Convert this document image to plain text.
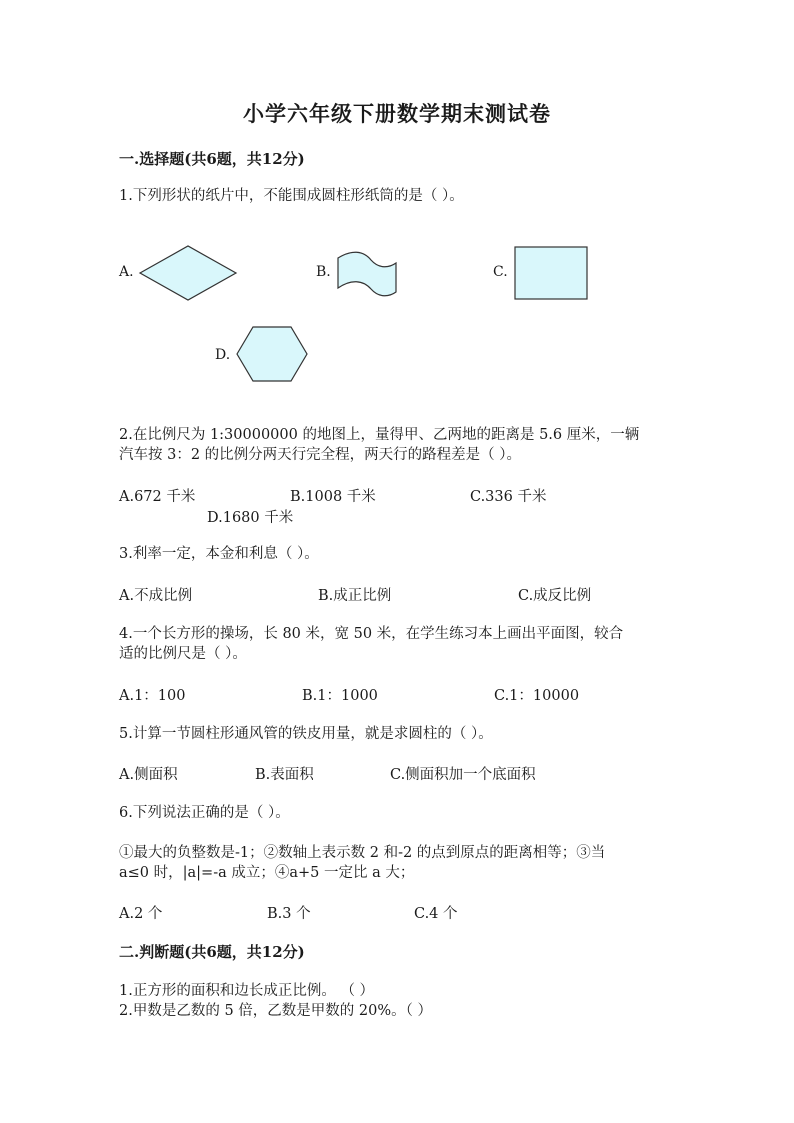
小学六年级下册数学期末测试卷
一.选择题(共6题，共12分)
1.下列形状的纸片中，不能围成圆柱形纸筒的是（ ）。
A.	B.	C.
D.
2.在比例尺为 1:30000000 的地图上，量得甲、乙两地的距离是 5.6 厘米，一辆
汽车按 3：2 的比例分两天行完全程，两天行的路程差是（ ）。
A.672 千米	B.1008 千米	C.336 千米
D.1680 千米
3.利率一定，本金和利息（ ）。
A.不成比例	B.成正比例	C.成反比例
4.一个长方形的操场，长 80 米，宽 50 米，在学生练习本上画出平面图，较合
适的比例尺是（ ）。
A.1：100	B.1：1000	C.1：10000
5.计算一节圆柱形通风管的铁皮用量，就是求圆柱的（ ）。
A.侧面积	B.表面积	C.侧面积加一个底面积
6.下列说法正确的是（ ）。
①最大的负整数是-1；②数轴上表示数 2 和-2 的点到原点的距离相等；③当
a≤0 时，|a|=-a 成立；④a+5 一定比 a 大；
A.2 个	B.3 个	C.4 个
二.判断题(共6题，共12分)
1.正方形的面积和边长成正比例。 （ ）
2.甲数是乙数的 5 倍，乙数是甲数的 20%。（ ）
